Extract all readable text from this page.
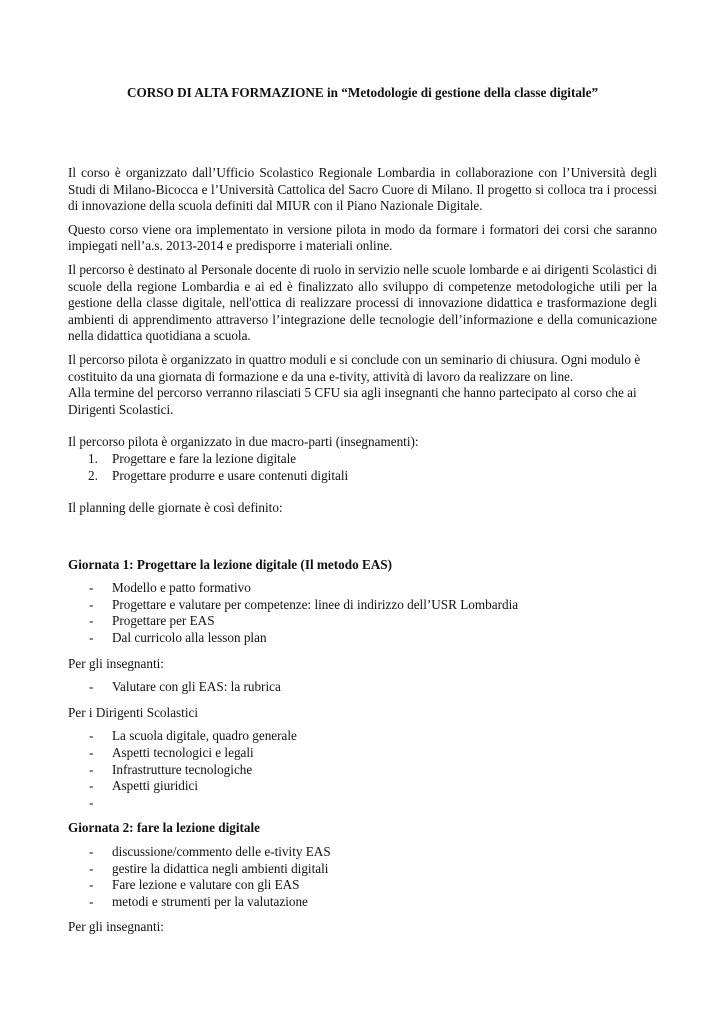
CORSO DI ALTA FORMAZIONE in “Metodologie di gestione della classe digitale”

Il corso è organizzato dall’Ufficio Scolastico Regionale Lombardia in collaborazione con l’Università degli Studi di Milano-Bicocca e l’Università Cattolica del Sacro Cuore di Milano. Il progetto si colloca tra i processi di innovazione della scuola definiti dal MIUR con il Piano Nazionale Digitale.

Questo corso viene ora implementato in versione pilota in modo da formare i formatori dei corsi che saranno impiegati nell’a.s. 2013-2014 e predisporre i materiali online.

Il percorso è destinato al Personale docente di ruolo in servizio nelle scuole lombarde e ai dirigenti Scolastici di scuole della regione Lombardia e ai ed è finalizzato allo sviluppo di competenze metodologiche utili per la gestione della classe digitale, nell'ottica di realizzare processi di innovazione didattica e trasformazione degli ambienti di apprendimento attraverso l’integrazione delle tecnologie dell’informazione e della comunicazione nella didattica quotidiana a scuola.

Il percorso pilota è organizzato in quattro moduli e si conclude con un seminario di chiusura. Ogni modulo è costituito da una giornata di formazione e da una e-tivity, attività di lavoro da realizzare on line.

Alla termine del percorso verranno rilasciati 5 CFU sia agli insegnanti che hanno partecipato al corso che ai Dirigenti Scolastici.

Il percorso pilota è organizzato in due macro-parti (insegnamenti):

1. Progettare e fare la lezione digitale
2. Progettare produrre e usare contenuti digitali

Il planning delle giornate è così definito:

Giornata 1: Progettare la lezione digitale (Il metodo EAS)
- Modello e patto formativo
- Progettare e valutare per competenze: linee di indirizzo dell’USR Lombardia
- Progettare per EAS
- Dal curricolo alla lesson plan

Per gli insegnanti:

- Valutare con gli EAS: la rubrica

Per i Dirigenti Scolastici

- La scuola digitale, quadro generale
- Aspetti tecnologici e legali
- Infrastrutture tecnologiche
- Aspetti giuridici
-
Giornata 2: fare la lezione digitale
- discussione/commento delle e-tivity EAS
- gestire la didattica negli ambienti digitali
- Fare lezione e valutare con gli EAS
- metodi e strumenti per la valutazione

Per gli insegnanti:
